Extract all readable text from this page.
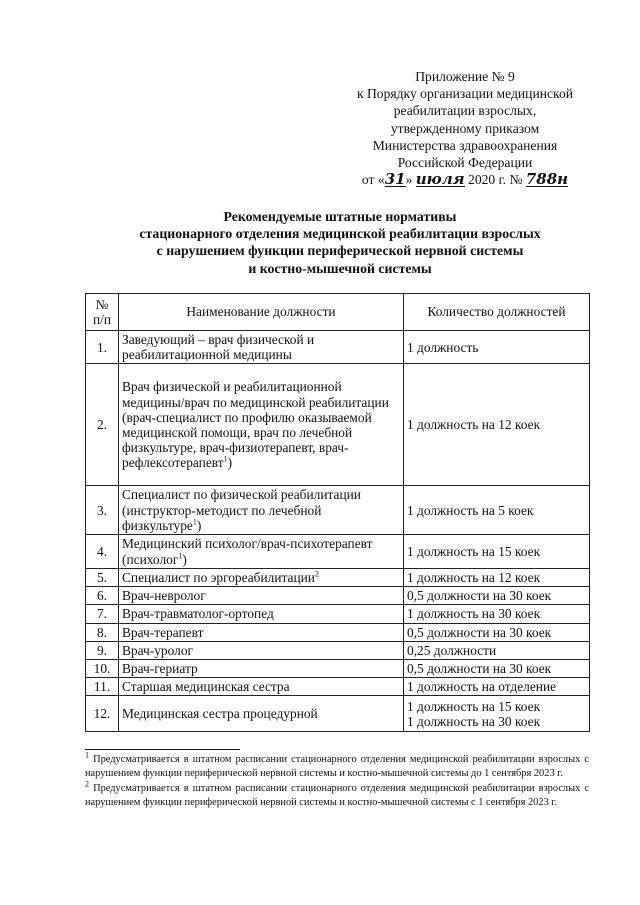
Приложение № 9
к Порядку организации медицинской
реабилитации взрослых,
утвержденному приказом
Министерства здравоохранения
Российской Федерации
от «31» июля 2020 г. № 788н
Рекомендуемые штатные нормативы
стационарного отделения медицинской реабилитации взрослых
с нарушением функции периферической нервной системы
и костно-мышечной системы
№ п/п	Наименование должности	Количество должностей
1.	Заведующий – врач физической и реабилитационной медицины	1 должность

2.	Врач физической и реабилитационной медицины/врач по медицинской реабилитации (врач-специалист по профилю оказываемой медицинской помощи, врач по лечебной физкультуре, врач-физиотерапевт, врач-рефлексотерапевт$^1$)	1 должность на 12 коек

3.	Специалист по физической реабилитации (инструктор-методист по лечебной физкультуре$^1$)	1 должность на 5 коек

4.	Медицинский психолог/врач-психотерапевт (психолог$^1$)	1 должность на 15 коек

5.	Специалист по эргореабилитации$^2$	1 должность на 12 коек

6.	Врач-невролог	0,5 должности на 30 коек

7.	Врач-травматолог-ортопед	1 должность на 30 коек

8.	Врач-терапевт	0,5 должности на 30 коек

9.	Врач-уролог	0,25 должности

10.	Врач-гериатр	0,5 должности на 30 коек

11.	Старшая медицинская сестра	1 должность на отделение

12.	Медицинская сестра процедурной	1 должность на 15 коек
1 должность на 30 коек

$^1$ Предусматривается в штатном расписании стационарного отделения медицинской реабилитации взрослых с нарушением функции периферической нервной системы и костно-мышечной системы до 1 сентября 2023 г.

$^2$ Предусматривается в штатном расписании стационарного отделения медицинской реабилитации взрослых с нарушением функции периферической нервной системы и костно-мышечной системы с 1 сентября 2023 г.
